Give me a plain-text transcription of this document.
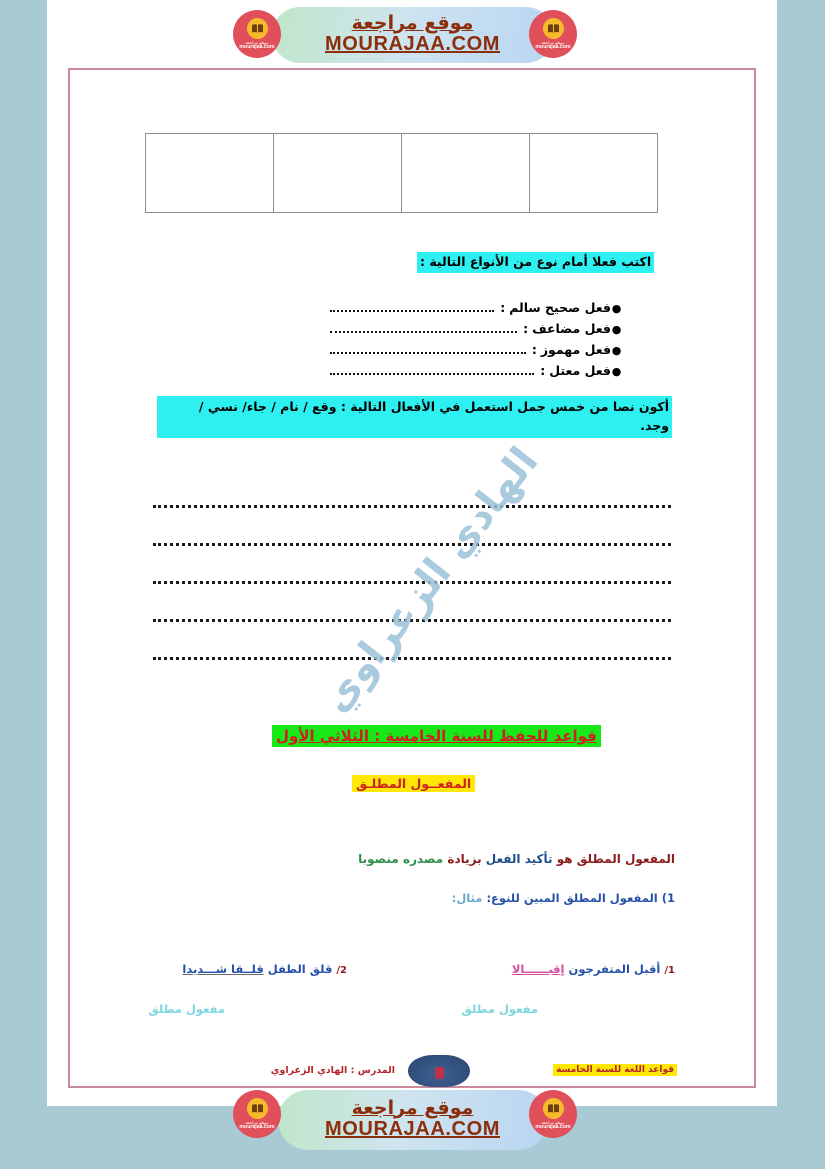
موقع مراجعة
mourajaa.com
موقع مراجعة
MOURAJAA.COM	موقع مراجعة
mourajaa.com
اكتب فعلا أمام نوع من الأنواع التالية :
●
فعل صحيح سالم
:
●
فعل مضاعف
:
●
فعل مهموز
:
●
فعل معتل
:
أكون نصا من خمس جمل استعمل في الأفعال التالية : وقع / نام / جاء/ نسي /
وجد.
الهادي الزعراوي
قواعد للحفظ للسنة الخامسة : الثلاثي الأول
المفعــول المطلـق
المفعول المطلق هو تأكيد الفعل بزيادة مصدره منصوبا
1) المفعول المطلق المبين للنوع: مثال:
1/ أقبل المتفرجون إقبــــــالا
2/ قلق الطفل قلــقا شـــديدا
مفعول مطلق
مفعول مطلق
المدرس : الهادي الزعراوي	قواعد اللغة للسنة الخامسة
موقع مراجعة
mourajaa.com
موقع مراجعة
MOURAJAA.COM	موقع مراجعة
mourajaa.com
